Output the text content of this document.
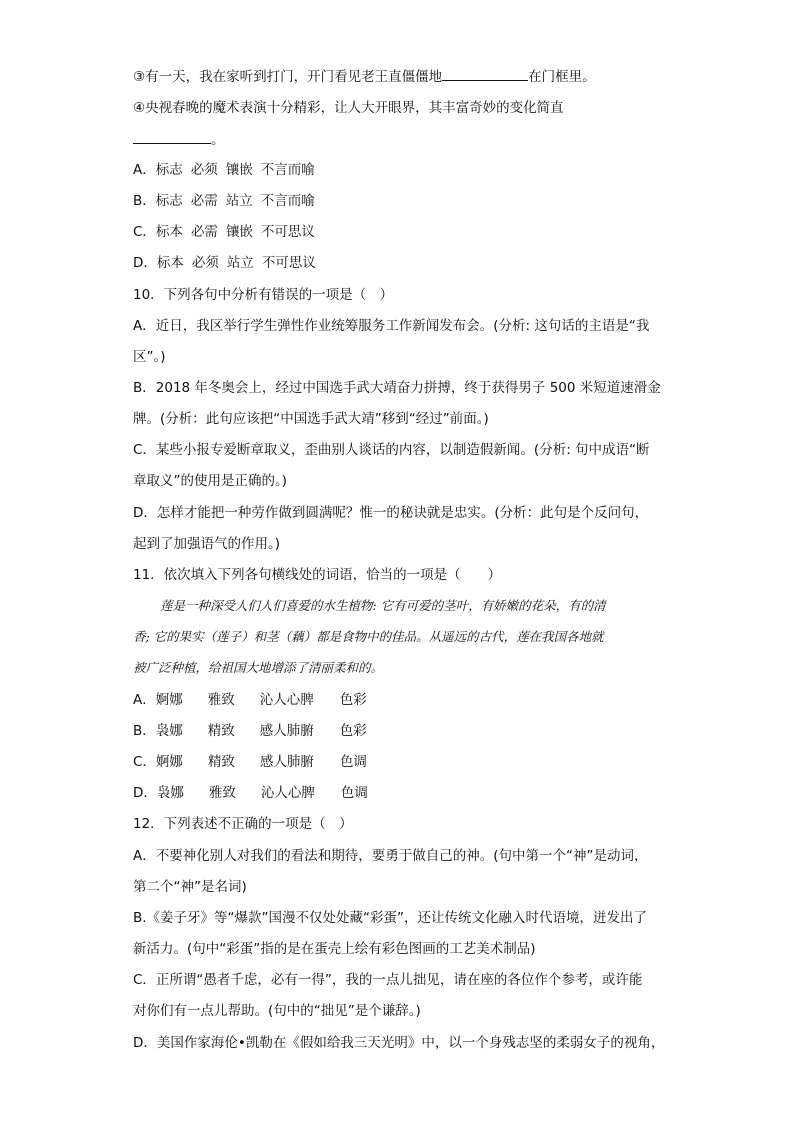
③有一天，我在家听到打门，开门看见老王直僵僵地	在门框里。
④央视春晚的魔术表演十分精彩，让人大开眼界，其丰富奇妙的变化简直
。
A．标志 必须 镶嵌 不言而喻
B．标志 必需 站立 不言而喻
C．标本 必需 镶嵌 不可思议
D．标本 必须 站立 不可思议
10．下列各句中分析有错误的一项是（　）
A．近日，我区举行学生弹性作业统筹服务工作新闻发布会。(分析: 这句话的主语是“我
区”。)
B．2018 年冬奥会上，经过中国选手武大靖奋力拼搏，终于获得男子 500 米短道速滑金
牌。(分析：此句应该把“中国选手武大靖”移到“经过”前面。)
C．某些小报专爱断章取义，歪曲别人谈话的内容，以制造假新闻。(分析: 句中成语“断
章取义”的使用是正确的。)
D．怎样才能把一种劳作做到圆满呢？惟一的秘诀就是忠实。(分析：此句是个反问句，
起到了加强语气的作用。)
11．依次填入下列各句横线处的词语，恰当的一项是（　　）
莲是一种深受人们人们喜爱的水生植物: 它有可爱的茎叶，有娇嫩的花朵，有的清
香; 它的果实（莲子）和茎（藕）都是食物中的佳品。从遥远的古代，莲在我国各地就
被广泛种植，给祖国大地增添了清丽柔和的。
A．婀娜 雅致 沁人心脾 色彩
B．袅娜 精致 感人肺腑 色彩
C．婀娜 精致 感人肺腑 色调
D．袅娜 雅致 沁人心脾 色调
12．下列表述不正确的一项是（　）
A．不要神化别人对我们的看法和期待，要勇于做自己的神。(句中第一个“神”是动词，
第二个“神”是名词)
B.《姜子牙》等“爆款”国漫不仅处处藏“彩蛋”，还让传统文化融入时代语境，迸发出了
新活力。(句中“彩蛋”指的是在蛋壳上绘有彩色图画的工艺美术制品)
C．正所谓“愚者千虑，必有一得”，我的一点儿拙见，请在座的各位作个参考，或许能
对你们有一点儿帮助。(句中的“拙见”是个谦辞。)
D．美国作家海伦•凯勒在《假如给我三天光明》中，以一个身残志坚的柔弱女子的视角，
